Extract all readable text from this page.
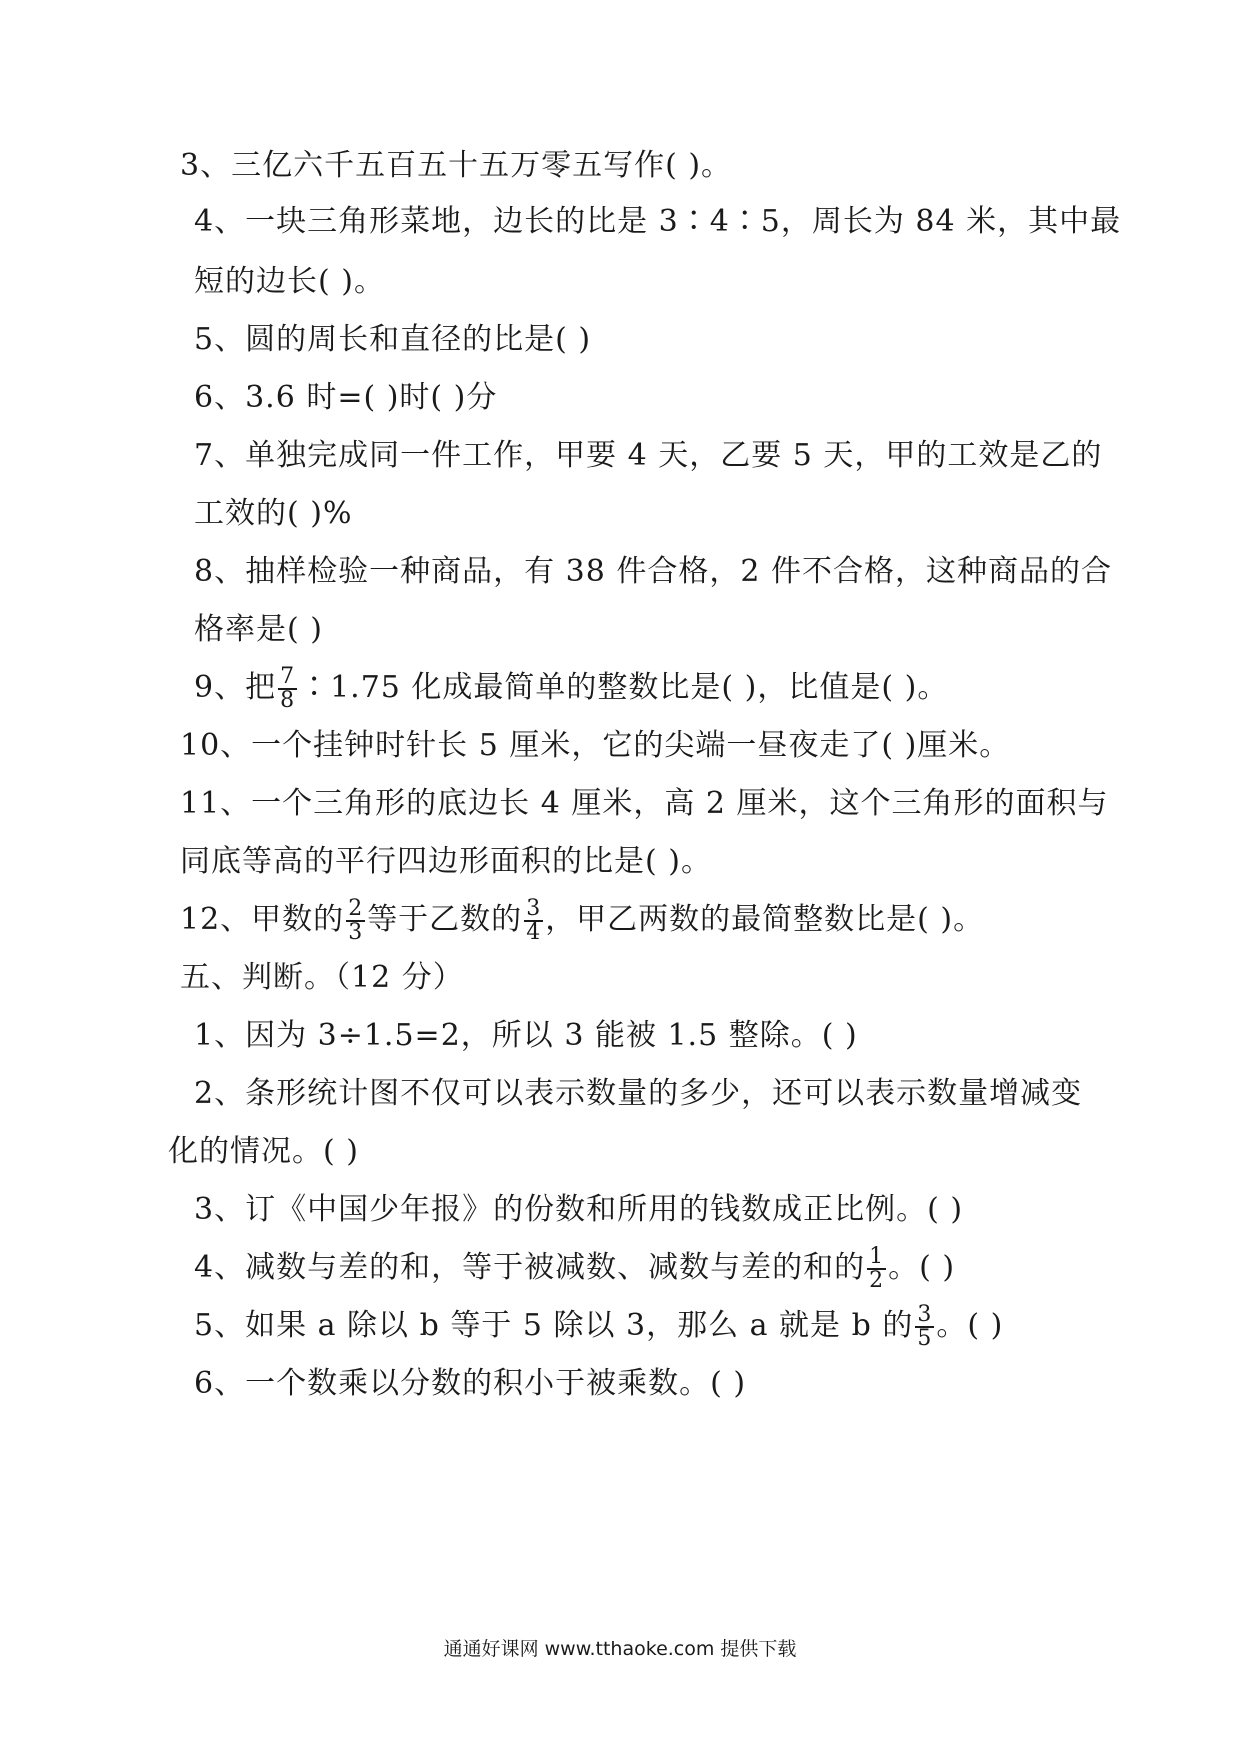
3、三亿六千五百五十五万零五写作( )。
4、一块三角形菜地，边长的比是 3∶4∶5，周长为 84 米，其中最
短的边长( )。
5、圆的周长和直径的比是( )
6、3.6 时=( )时( )分
7、单独完成同一件工作，甲要 4 天，乙要 5 天，甲的工效是乙的
工效的( )%
8、抽样检验一种商品，有 38 件合格，2 件不合格，这种商品的合
格率是( )
9、把 $\frac{7}{8}$ ∶1.75 化成最简单的整数比是( )，比值是( )。
10、一个挂钟时针长 5 厘米，它的尖端一昼夜走了( )厘米。
11、一个三角形的底边长 4 厘米，高 2 厘米，这个三角形的面积与
同底等高的平行四边形面积的比是( )。
12、甲数的 $\frac{2}{3}$ 等于乙数的 $\frac{3}{4}$ ，甲乙两数的最简整数比是( )。
五、判断。（12 分）
1、因为 3÷1.5=2，所以 3 能被 1.5 整除。( )
2、条形统计图不仅可以表示数量的多少，还可以表示数量增减变
化的情况。( )
3、订《中国少年报》的份数和所用的钱数成正比例。( )
4、减数与差的和，等于被减数、减数与差的和的 $\frac{1}{2}$ 。( )
5、如果 a 除以 b 等于 5 除以 3，那么 a 就是 b 的 $\frac{3}{5}$ 。( )
6、一个数乘以分数的积小于被乘数。( )
通通好课网 www.tthaoke.com 提供下载
